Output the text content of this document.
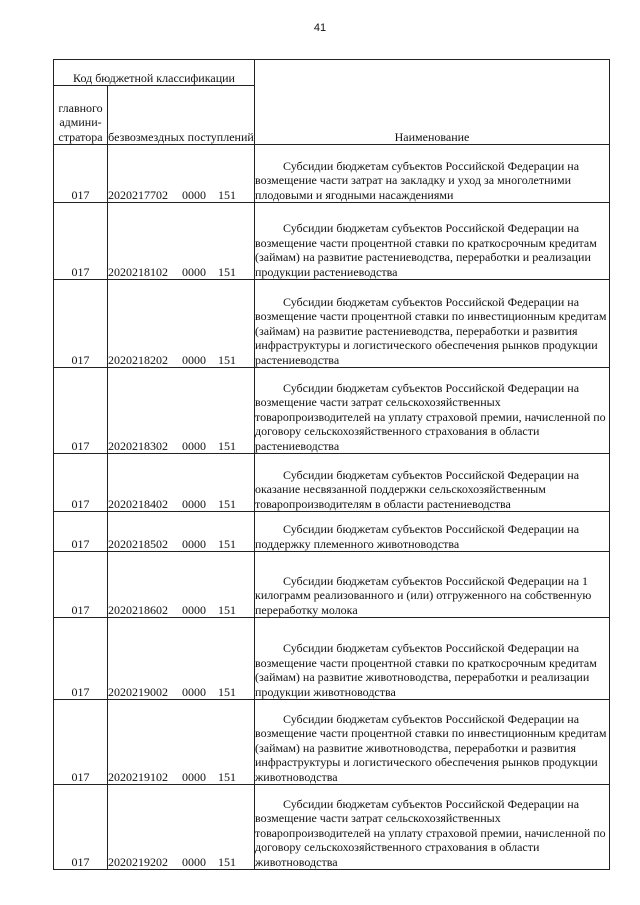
41
Код бюджетной классификации		Наименование
главного админи-стратора	безвозмездных поступлений	
017	2020217702 0000 151	Субсидии бюджетам субъектов Российской Федерации на возмещение части затрат на закладку и уход за многолетними плодовыми и ягодными насаждениями

017	2020218102 0000 151	Субсидии бюджетам субъектов Российской Федерации на возмещение части процентной ставки по краткосрочным кредитам (займам) на развитие растениеводства, переработки и реализации продукции растениеводства

017	2020218202 0000 151	Субсидии бюджетам субъектов Российской Федерации на возмещение части процентной ставки по инвестиционным кредитам (займам) на развитие растениеводства, переработки и развития инфраструктуры и логистического обеспечения рынков продукции растениеводства

017	2020218302 0000 151	Субсидии бюджетам субъектов Российской Федерации на возмещение части затрат сельскохозяйственных товаропроизводителей на уплату страховой премии, начисленной по договору сельскохозяйственного страхования в области растениеводства

017	2020218402 0000 151	Субсидии бюджетам субъектов Российской Федерации на оказание несвязанной поддержки сельскохозяйственным товаропроизводителям в области растениеводства

017	2020218502 0000 151	Субсидии бюджетам субъектов Российской Федерации на поддержку племенного животноводства

017	2020218602 0000 151	Субсидии бюджетам субъектов Российской Федерации на 1 килограмм реализованного и (или) отгруженного на собственную переработку молока

017	2020219002 0000 151	Субсидии бюджетам субъектов Российской Федерации на возмещение части процентной ставки по краткосрочным кредитам (займам) на развитие животноводства, переработки и реализации продукции животноводства

017	2020219102 0000 151	Субсидии бюджетам субъектов Российской Федерации на возмещение части процентной ставки по инвестиционным кредитам (займам) на развитие животноводства, переработки и развития инфраструктуры и логистического обеспечения рынков продукции животноводства

017	2020219202 0000 151	Субсидии бюджетам субъектов Российской Федерации на возмещение части затрат сельскохозяйственных товаропроизводителей на уплату страховой премии, начисленной по договору сельскохозяйственного страхования в области животноводства
